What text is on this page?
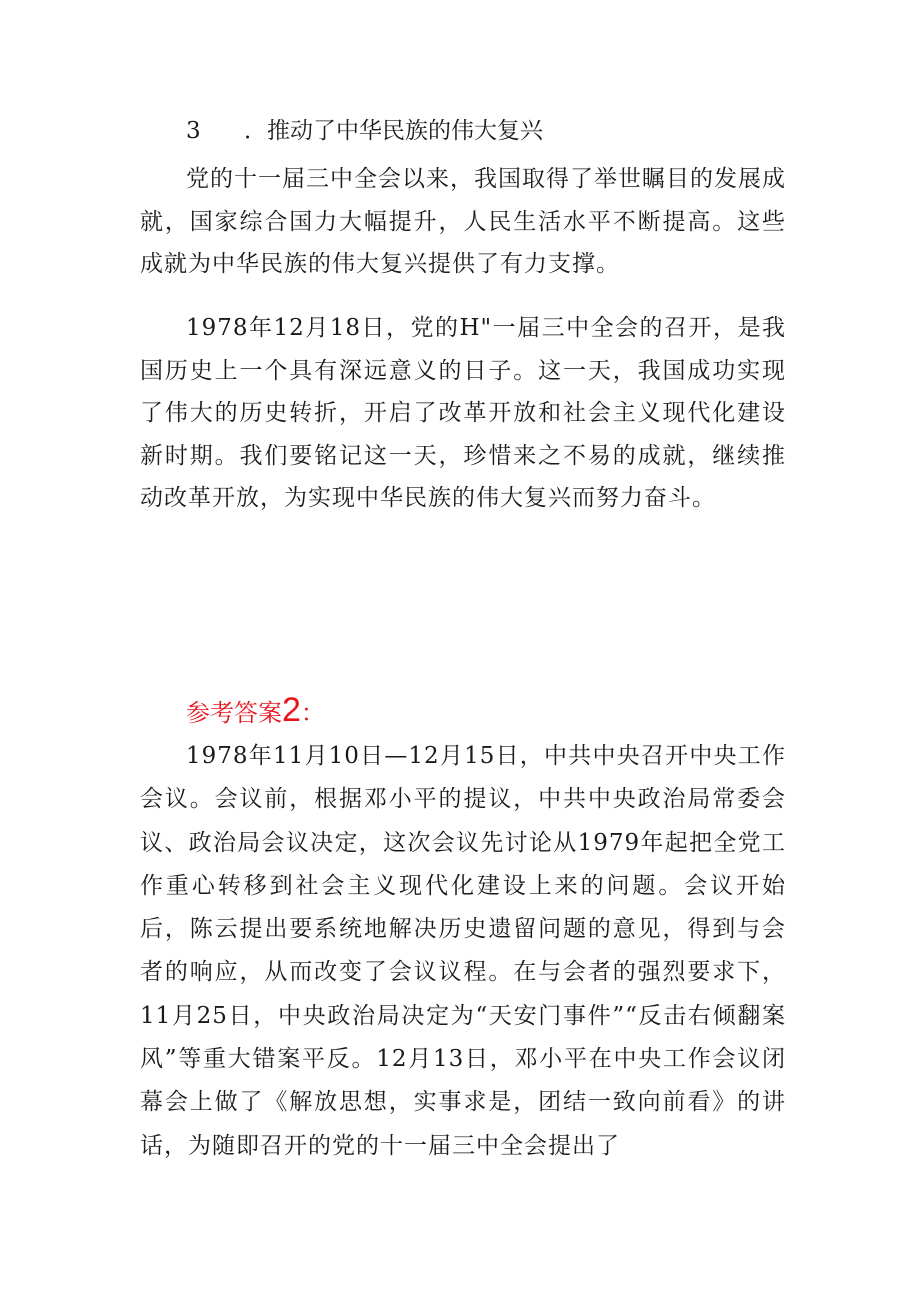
3 ．推动了中华民族的伟大复兴

党的十一届三中全会以来，我国取得了举世瞩目的发展成就，国家综合国力大幅提升，人民生活水平不断提高。这些成就为中华民族的伟大复兴提供了有力支撑。

1978年12月18日，党的H"一届三中全会的召开，是我国历史上一个具有深远意义的日子。这一天，我国成功实现了伟大的历史转折，开启了改革开放和社会主义现代化建设新时期。我们要铭记这一天，珍惜来之不易的成就，继续推动改革开放，为实现中华民族的伟大复兴而努力奋斗。

参考答案2：

1978年11月10日—12月15日，中共中央召开中央工作会议。会议前，根据邓小平的提议，中共中央政治局常委会议、政治局会议决定，这次会议先讨论从1979年起把全党工作重心转移到社会主义现代化建设上来的问题。会议开始后，陈云提出要系统地解决历史遗留问题的意见，得到与会者的响应，从而改变了会议议程。在与会者的强烈要求下，11月25日，中央政治局决定为“天安门事件”“反击右倾翻案风”等重大错案平反。12月13日，邓小平在中央工作会议闭幕会上做了《解放思想，实事求是，团结一致向前看》的讲话，为随即召开的党的十一届三中全会提出了
